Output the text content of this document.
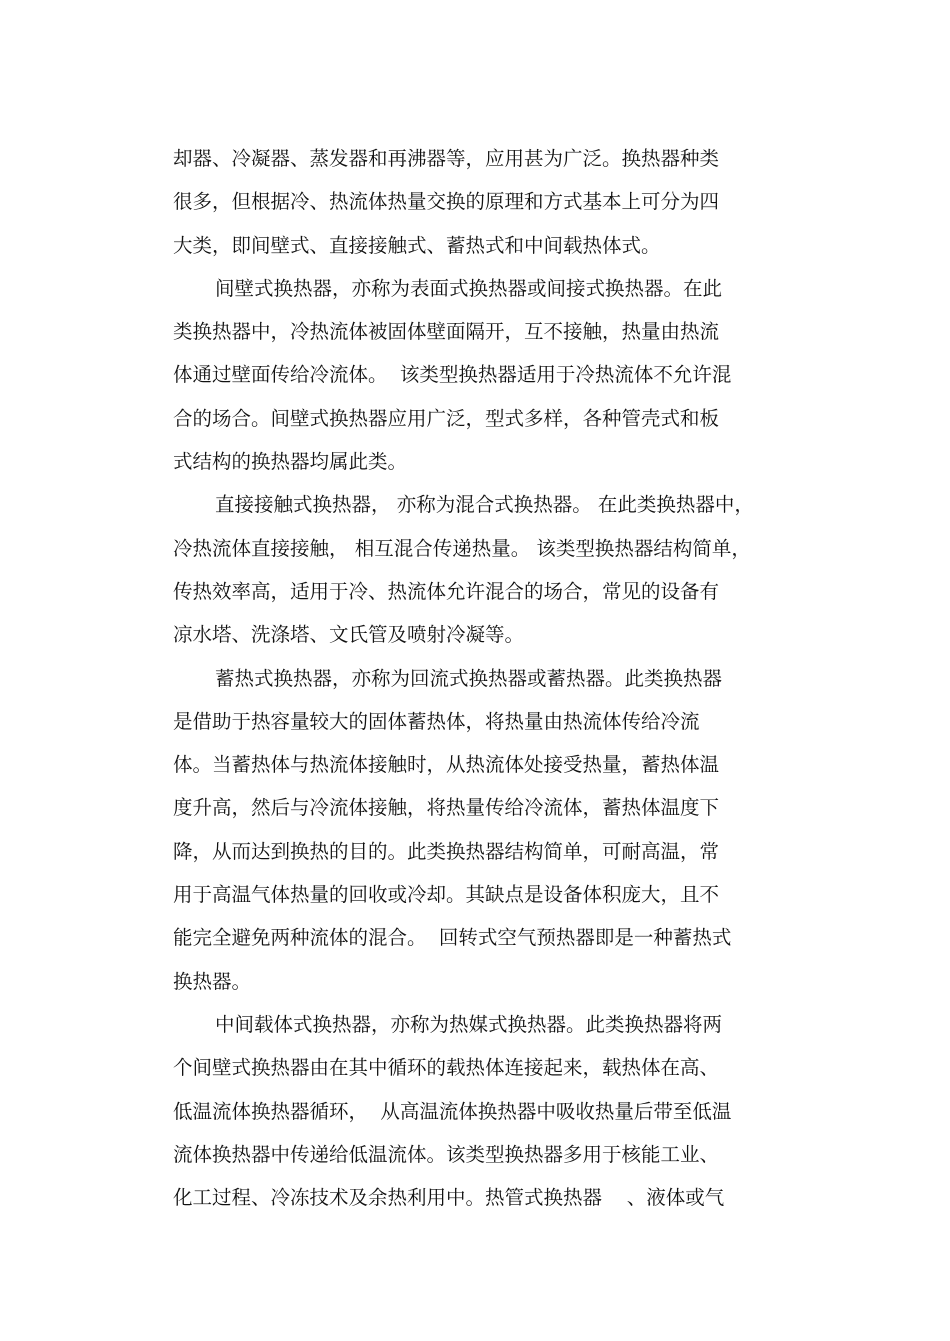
却器、冷凝器、蒸发器和再沸器等，应用甚为广泛。换热器种类
很多，但根据冷、热流体热量交换的原理和方式基本上可分为四
大类，即间壁式、直接接触式、蓄热式和中间载热体式。
间壁式换热器，亦称为表面式换热器或间接式换热器。在此
类换热器中，冷热流体被固体壁面隔开，互不接触，热量由热流
体通过壁面传给冷流体。  该类型换热器适用于冷热流体不允许混
合的场合。间壁式换热器应用广泛，型式多样，各种管壳式和板
式结构的换热器均属此类。
直接接触式换热器， 亦称为混合式换热器。 在此类换热器中，
冷热流体直接接触， 相互混合传递热量。 该类型换热器结构简单，
传热效率高，适用于冷、热流体允许混合的场合，常见的设备有
凉水塔、洗涤塔、文氏管及喷射冷凝等。
蓄热式换热器，亦称为回流式换热器或蓄热器。此类换热器
是借助于热容量较大的固体蓄热体，将热量由热流体传给冷流
体。当蓄热体与热流体接触时，从热流体处接受热量，蓄热体温
度升高，然后与冷流体接触，将热量传给冷流体，蓄热体温度下
降，从而达到换热的目的。此类换热器结构简单，可耐高温，常
用于高温气体热量的回收或冷却。其缺点是设备体积庞大，且不
能完全避免两种流体的混合。  回转式空气预热器即是一种蓄热式
换热器。
中间载体式换热器，亦称为热媒式换热器。此类换热器将两
个间壁式换热器由在其中循环的载热体连接起来，载热体在高、
低温流体换热器循环，  从高温流体换热器中吸收热量后带至低温
流体换热器中传递给低温流体。该类型换热器多用于核能工业、
化工过程、冷冻技术及余热利用中。热管式换热器    、液体或气
